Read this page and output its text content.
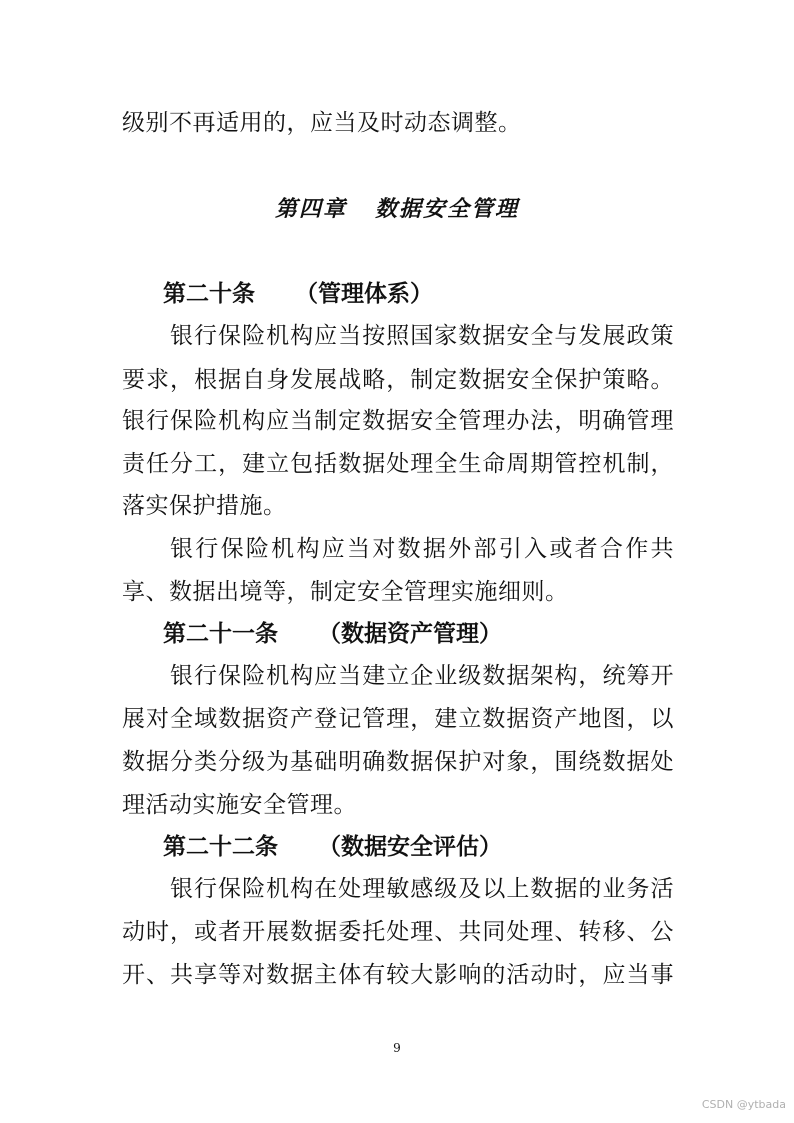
级别不再适用的，应当及时动态调整。
第四章 数据安全管理
第二十条 （管理体系）
银行保险机构应当按照国家数据安全与发展政策
要求，根据自身发展战略，制定数据安全保护策略。
银行保险机构应当制定数据安全管理办法，明确管理
责任分工，建立包括数据处理全生命周期管控机制，
落实保护措施。
银行保险机构应当对数据外部引入或者合作共
享、数据出境等，制定安全管理实施细则。
第二十一条 （数据资产管理）
银行保险机构应当建立企业级数据架构，统筹开
展对全域数据资产登记管理，建立数据资产地图，以
数据分类分级为基础明确数据保护对象，围绕数据处
理活动实施安全管理。
第二十二条 （数据安全评估）
银行保险机构在处理敏感级及以上数据的业务活
动时，或者开展数据委托处理、共同处理、转移、公
开、共享等对数据主体有较大影响的活动时，应当事
9
CSDN @ytbada
